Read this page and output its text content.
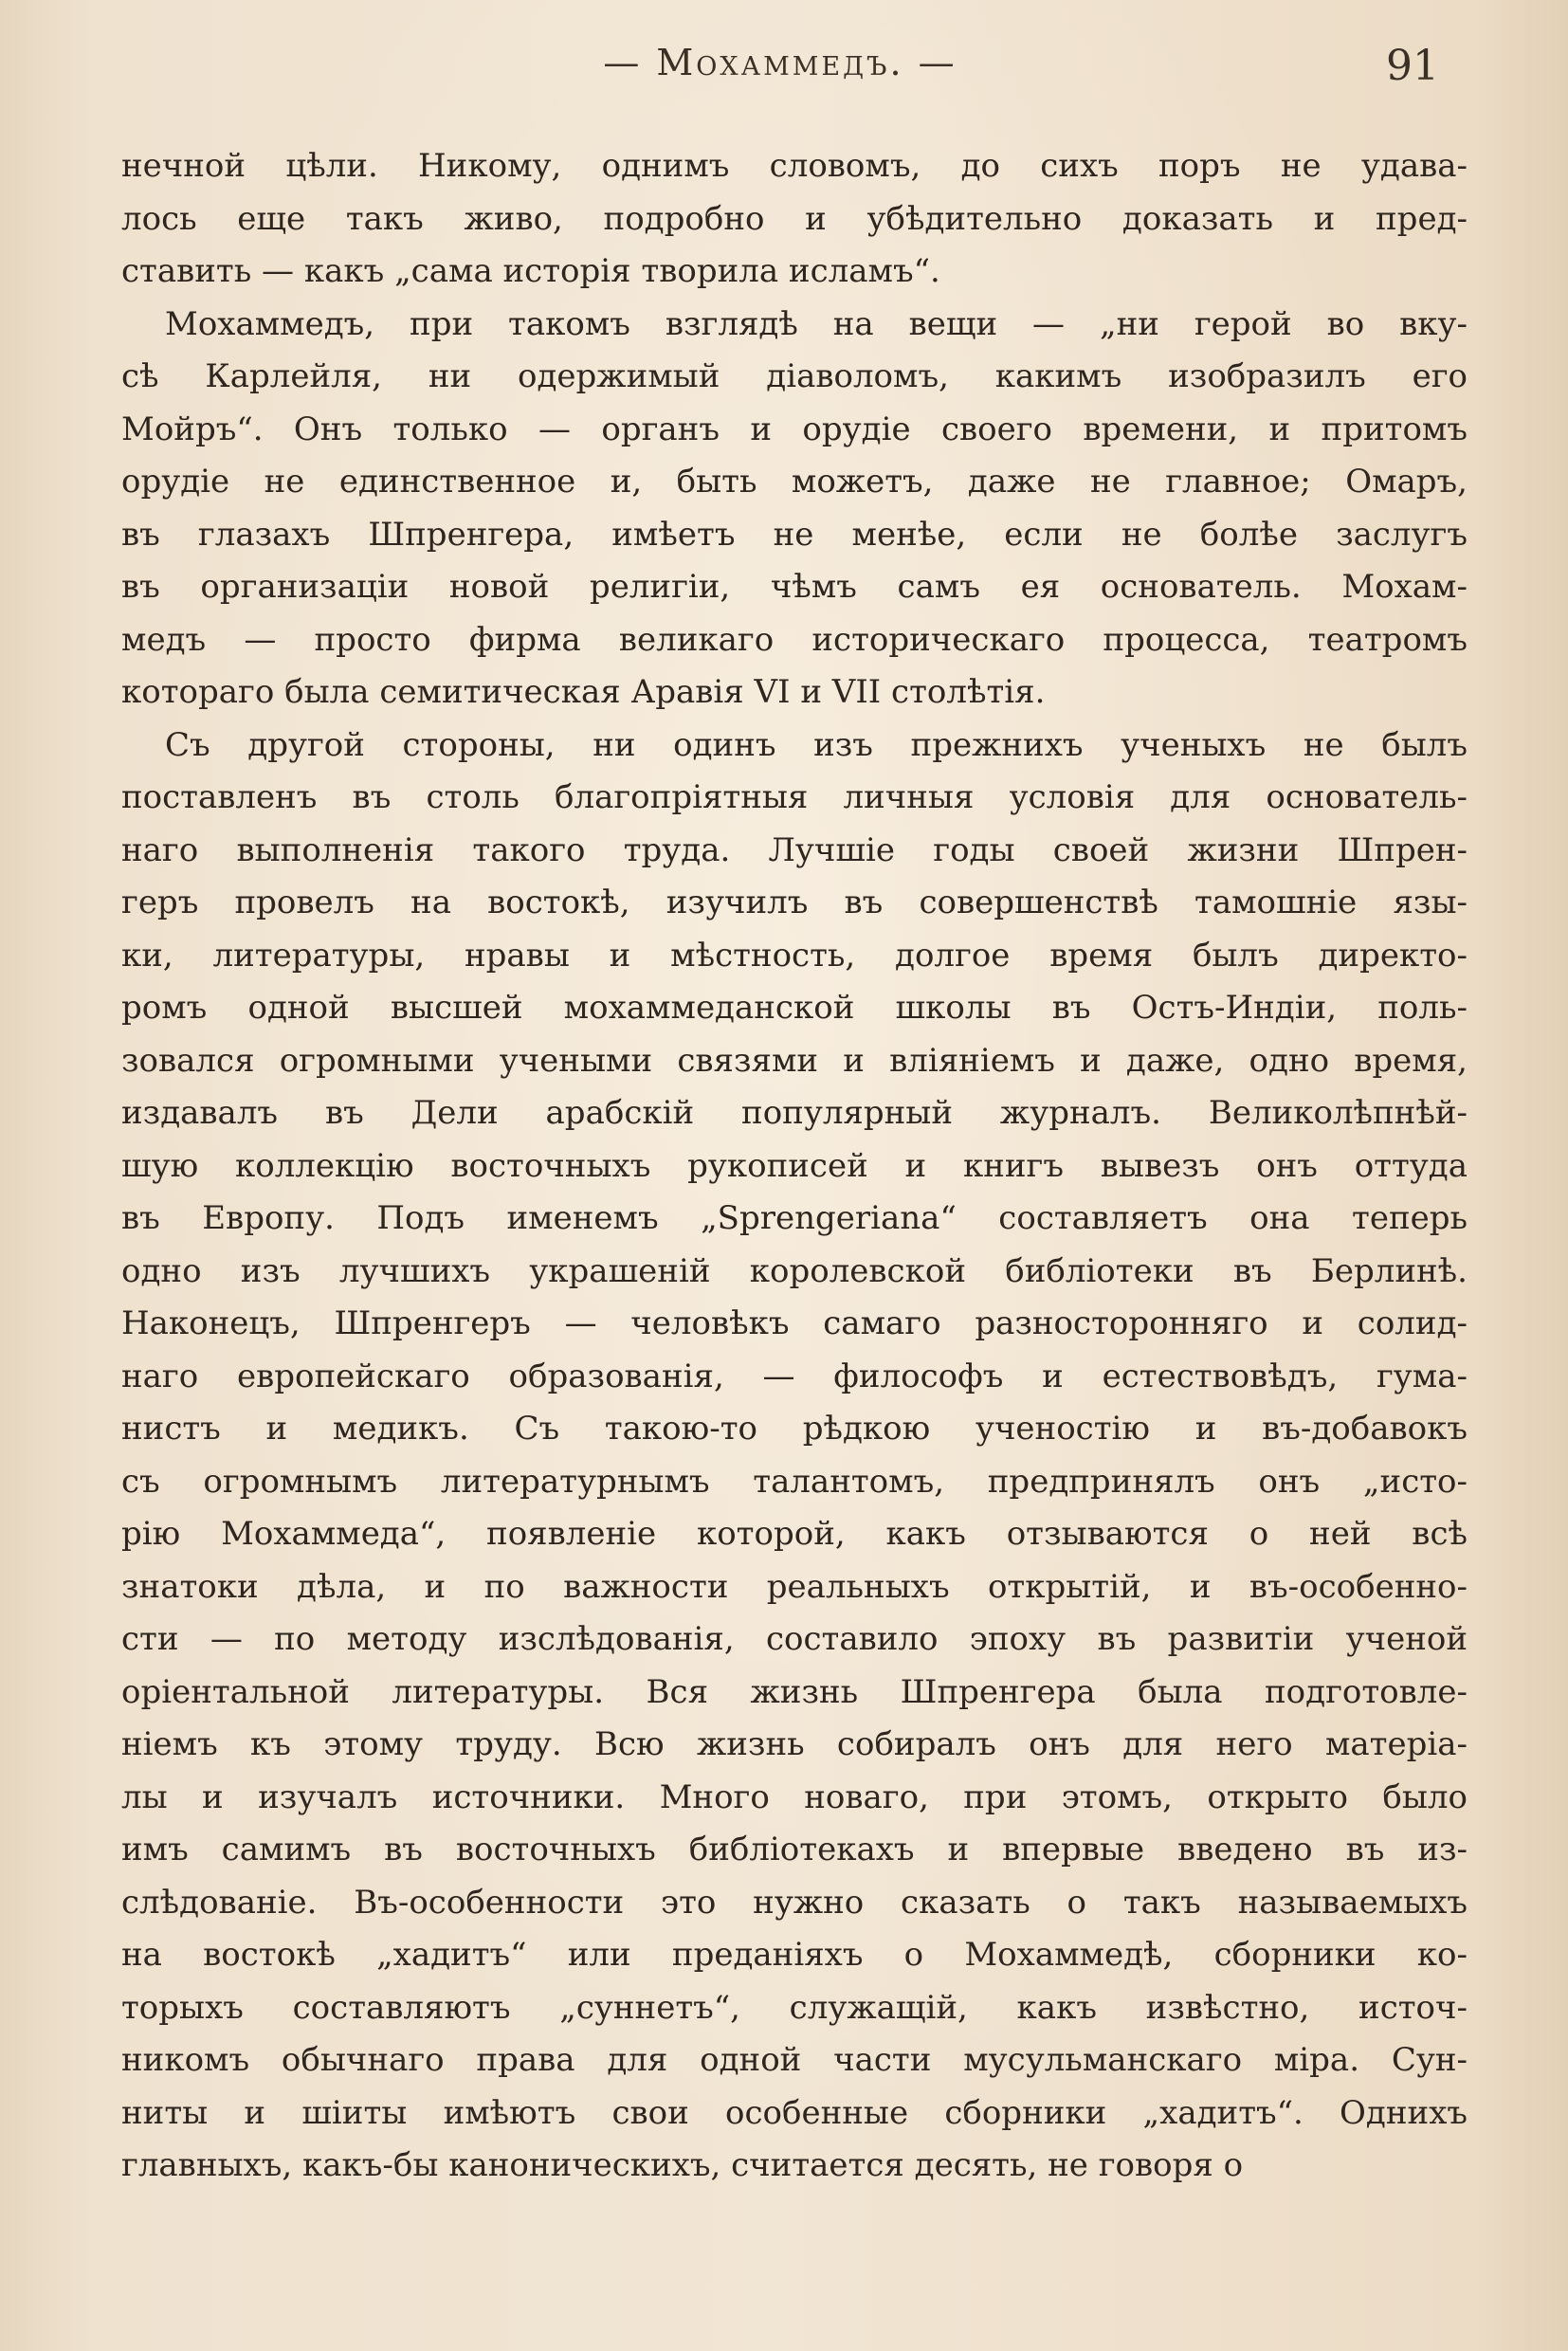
— Мохаммедъ. —	91
нечной цѣли. Никому, однимъ словомъ, до сихъ поръ не удава-
лось еще такъ живо, подробно и убѣдительно доказать и пред-
ставить — какъ „сама исторія творила исламъ“.
Мохаммедъ, при такомъ взглядѣ на вещи — „ни герой во вку-
сѣ Карлейля, ни одержимый діаволомъ, какимъ изобразилъ его
Мойръ“. Онъ только — органъ и орудіе своего времени, и притомъ
орудіе не единственное и, быть можетъ, даже не главное; Омаръ,
въ глазахъ Шпренгера, имѣетъ не менѣе, если не болѣе заслугъ
въ организаціи новой религіи, чѣмъ самъ ея основатель. Мохам-
медъ — просто фирма великаго историческаго процесса, театромъ
котораго была семитическая Аравія VI и VII столѣтія.
Съ другой стороны, ни одинъ изъ прежнихъ ученыхъ не былъ
поставленъ въ столь благопріятныя личныя условія для основатель-
наго выполненія такого труда. Лучшіе годы своей жизни Шпрен-
геръ провелъ на востокѣ, изучилъ въ совершенствѣ тамошніе язы-
ки, литературы, нравы и мѣстность, долгое время былъ директо-
ромъ одной высшей мохаммеданской школы въ Остъ-Индіи, поль-
зовался огромными учеными связями и вліяніемъ и даже, одно время,
издавалъ въ Дели арабскій популярный журналъ. Великолѣпнѣй-
шую коллекцію восточныхъ рукописей и книгъ вывезъ онъ оттуда
въ Европу. Подъ именемъ „Sprengeriana“ составляетъ она теперь
одно изъ лучшихъ украшеній королевской библіотеки въ Берлинѣ.
Наконецъ, Шпренгеръ — человѣкъ самаго разносторонняго и солид-
наго европейскаго образованія, — философъ и естествовѣдъ, гума-
нистъ и медикъ. Съ такою-то рѣдкою ученостію и въ-добавокъ
съ огромнымъ литературнымъ талантомъ, предпринялъ онъ „исто-
рію Мохаммеда“, появленіе которой, какъ отзываются о ней всѣ
знатоки дѣла, и по важности реальныхъ открытій, и въ-особенно-
сти — по методу изслѣдованія, составило эпоху въ развитіи ученой
оріентальной литературы. Вся жизнь Шпренгера была подготовле-
ніемъ къ этому труду. Всю жизнь собиралъ онъ для него матеріа-
лы и изучалъ источники. Много новаго, при этомъ, открыто было
имъ самимъ въ восточныхъ библіотекахъ и впервые введено въ из-
слѣдованіе. Въ-особенности это нужно сказать о такъ называемыхъ
на востокѣ „хадитъ“ или преданіяхъ о Мохаммедѣ, сборники ко-
торыхъ составляютъ „суннетъ“, служащій, какъ извѣстно, источ-
никомъ обычнаго права для одной части мусульманскаго міра. Сун-
ниты и шіиты имѣютъ свои особенные сборники „хадитъ“. Однихъ
главныхъ, какъ-бы каноническихъ, считается десять, не говоря о
